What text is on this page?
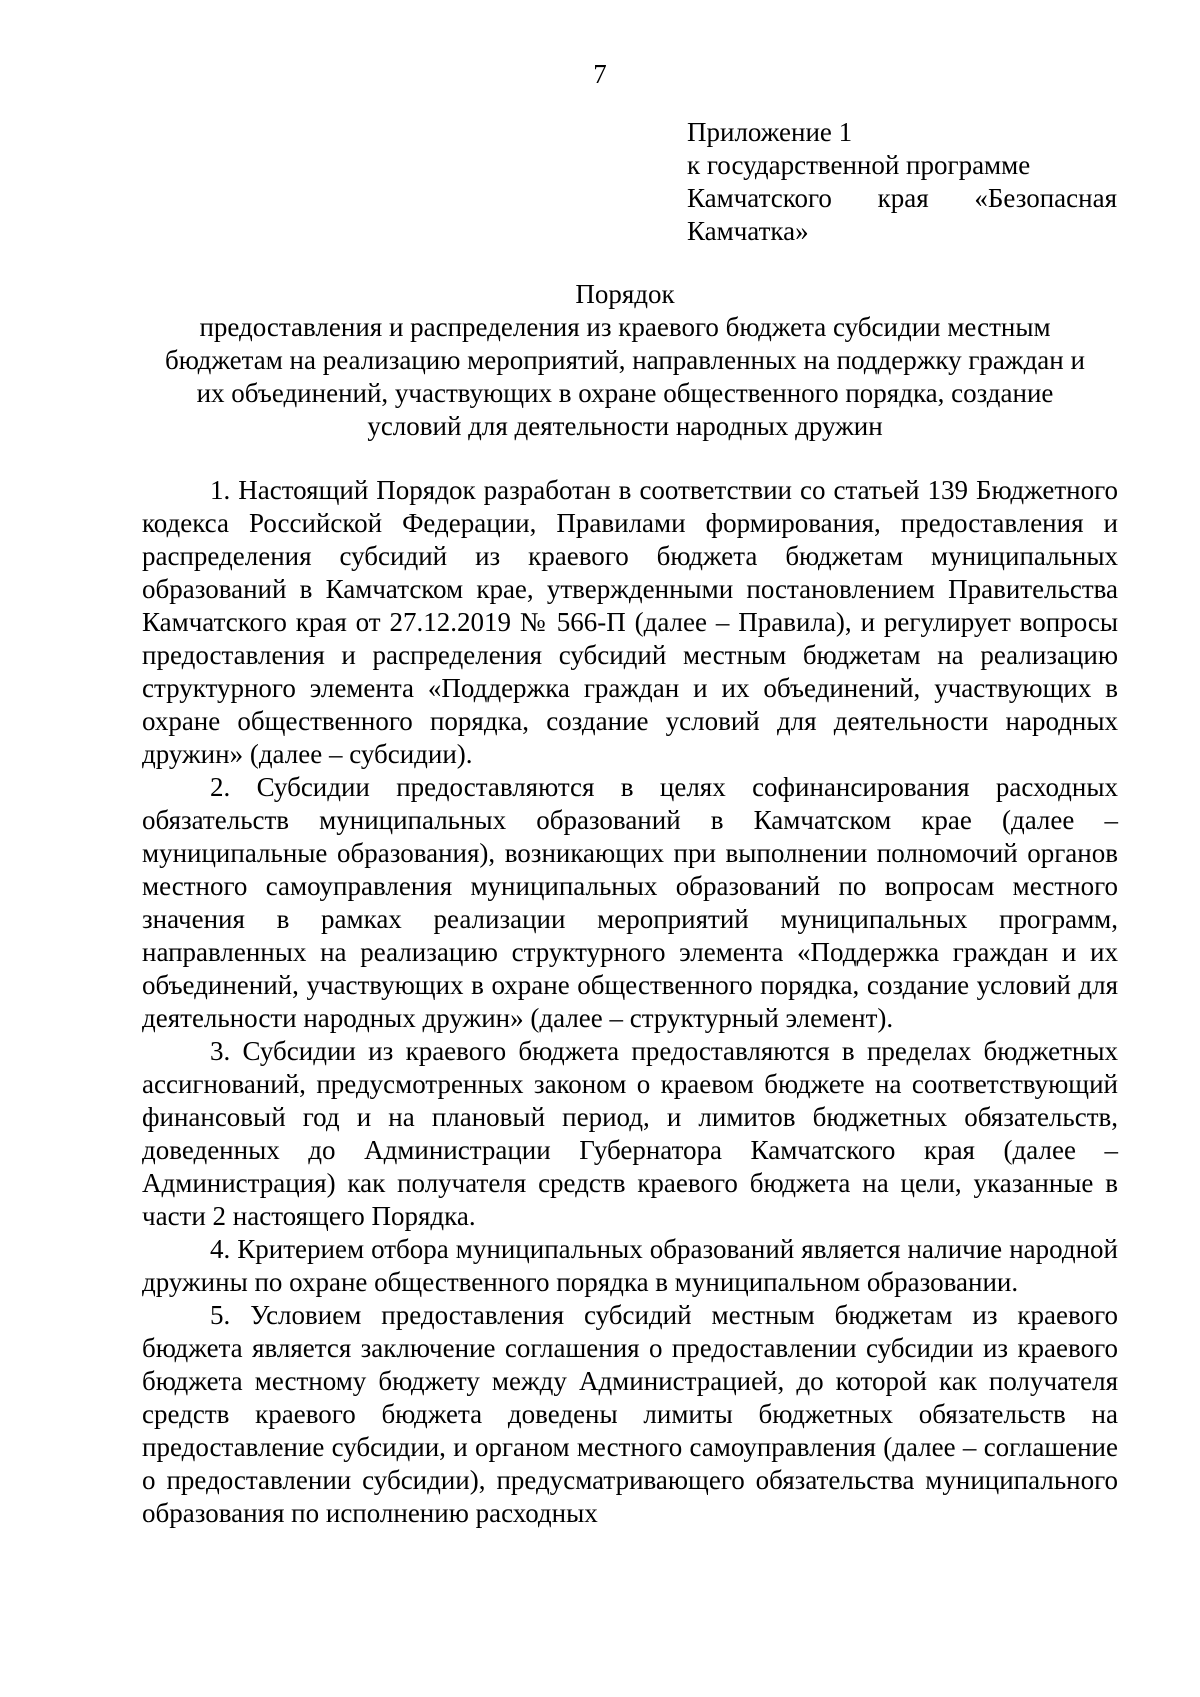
7
Приложение 1
к государственной программе
Камчатского края «Безопасная
Камчатка»
Порядок
предоставления и распределения из краевого бюджета субсидии местным
бюджетам на реализацию мероприятий, направленных на поддержку граждан и
их объединений, участвующих в охране общественного порядка, создание
условий для деятельности народных дружин

1. Настоящий Порядок разработан в соответствии со статьей 139 Бюджетного кодекса Российской Федерации, Правилами формирования, предоставления и распределения субсидий из краевого бюджета бюджетам муниципальных образований в Камчатском крае, утвержденными постановлением Правительства Камчатского края от 27.12.2019 № 566-П (далее – Правила), и регулирует вопросы предоставления и распределения субсидий местным бюджетам на реализацию структурного элемента «Поддержка граждан и их объединений, участвующих в охране общественного порядка, создание условий для деятельности народных дружин» (далее – субсидии).

2. Субсидии предоставляются в целях софинансирования расходных обязательств муниципальных образований в Камчатском крае (далее – муниципальные образования), возникающих при выполнении полномочий органов местного самоуправления муниципальных образований по вопросам местного значения в рамках реализации мероприятий муниципальных программ, направленных на реализацию структурного элемента «Поддержка граждан и их объединений, участвующих в охране общественного порядка, создание условий для деятельности народных дружин» (далее – структурный элемент).

3. Субсидии из краевого бюджета предоставляются в пределах бюджетных ассигнований, предусмотренных законом о краевом бюджете на соответствующий финансовый год и на плановый период, и лимитов бюджетных обязательств, доведенных до Администрации Губернатора Камчатского края (далее – Администрация) как получателя средств краевого бюджета на цели, указанные в части 2 настоящего Порядка.

4. Критерием отбора муниципальных образований является наличие народной дружины по охране общественного порядка в муниципальном образовании.

5. Условием предоставления субсидий местным бюджетам из краевого бюджета является заключение соглашения о предоставлении субсидии из краевого бюджета местному бюджету между Администрацией, до которой как получателя средств краевого бюджета доведены лимиты бюджетных обязательств на предоставление субсидии, и органом местного самоуправления (далее – соглашение о предоставлении субсидии), предусматривающего обязательства муниципального образования по исполнению расходных
